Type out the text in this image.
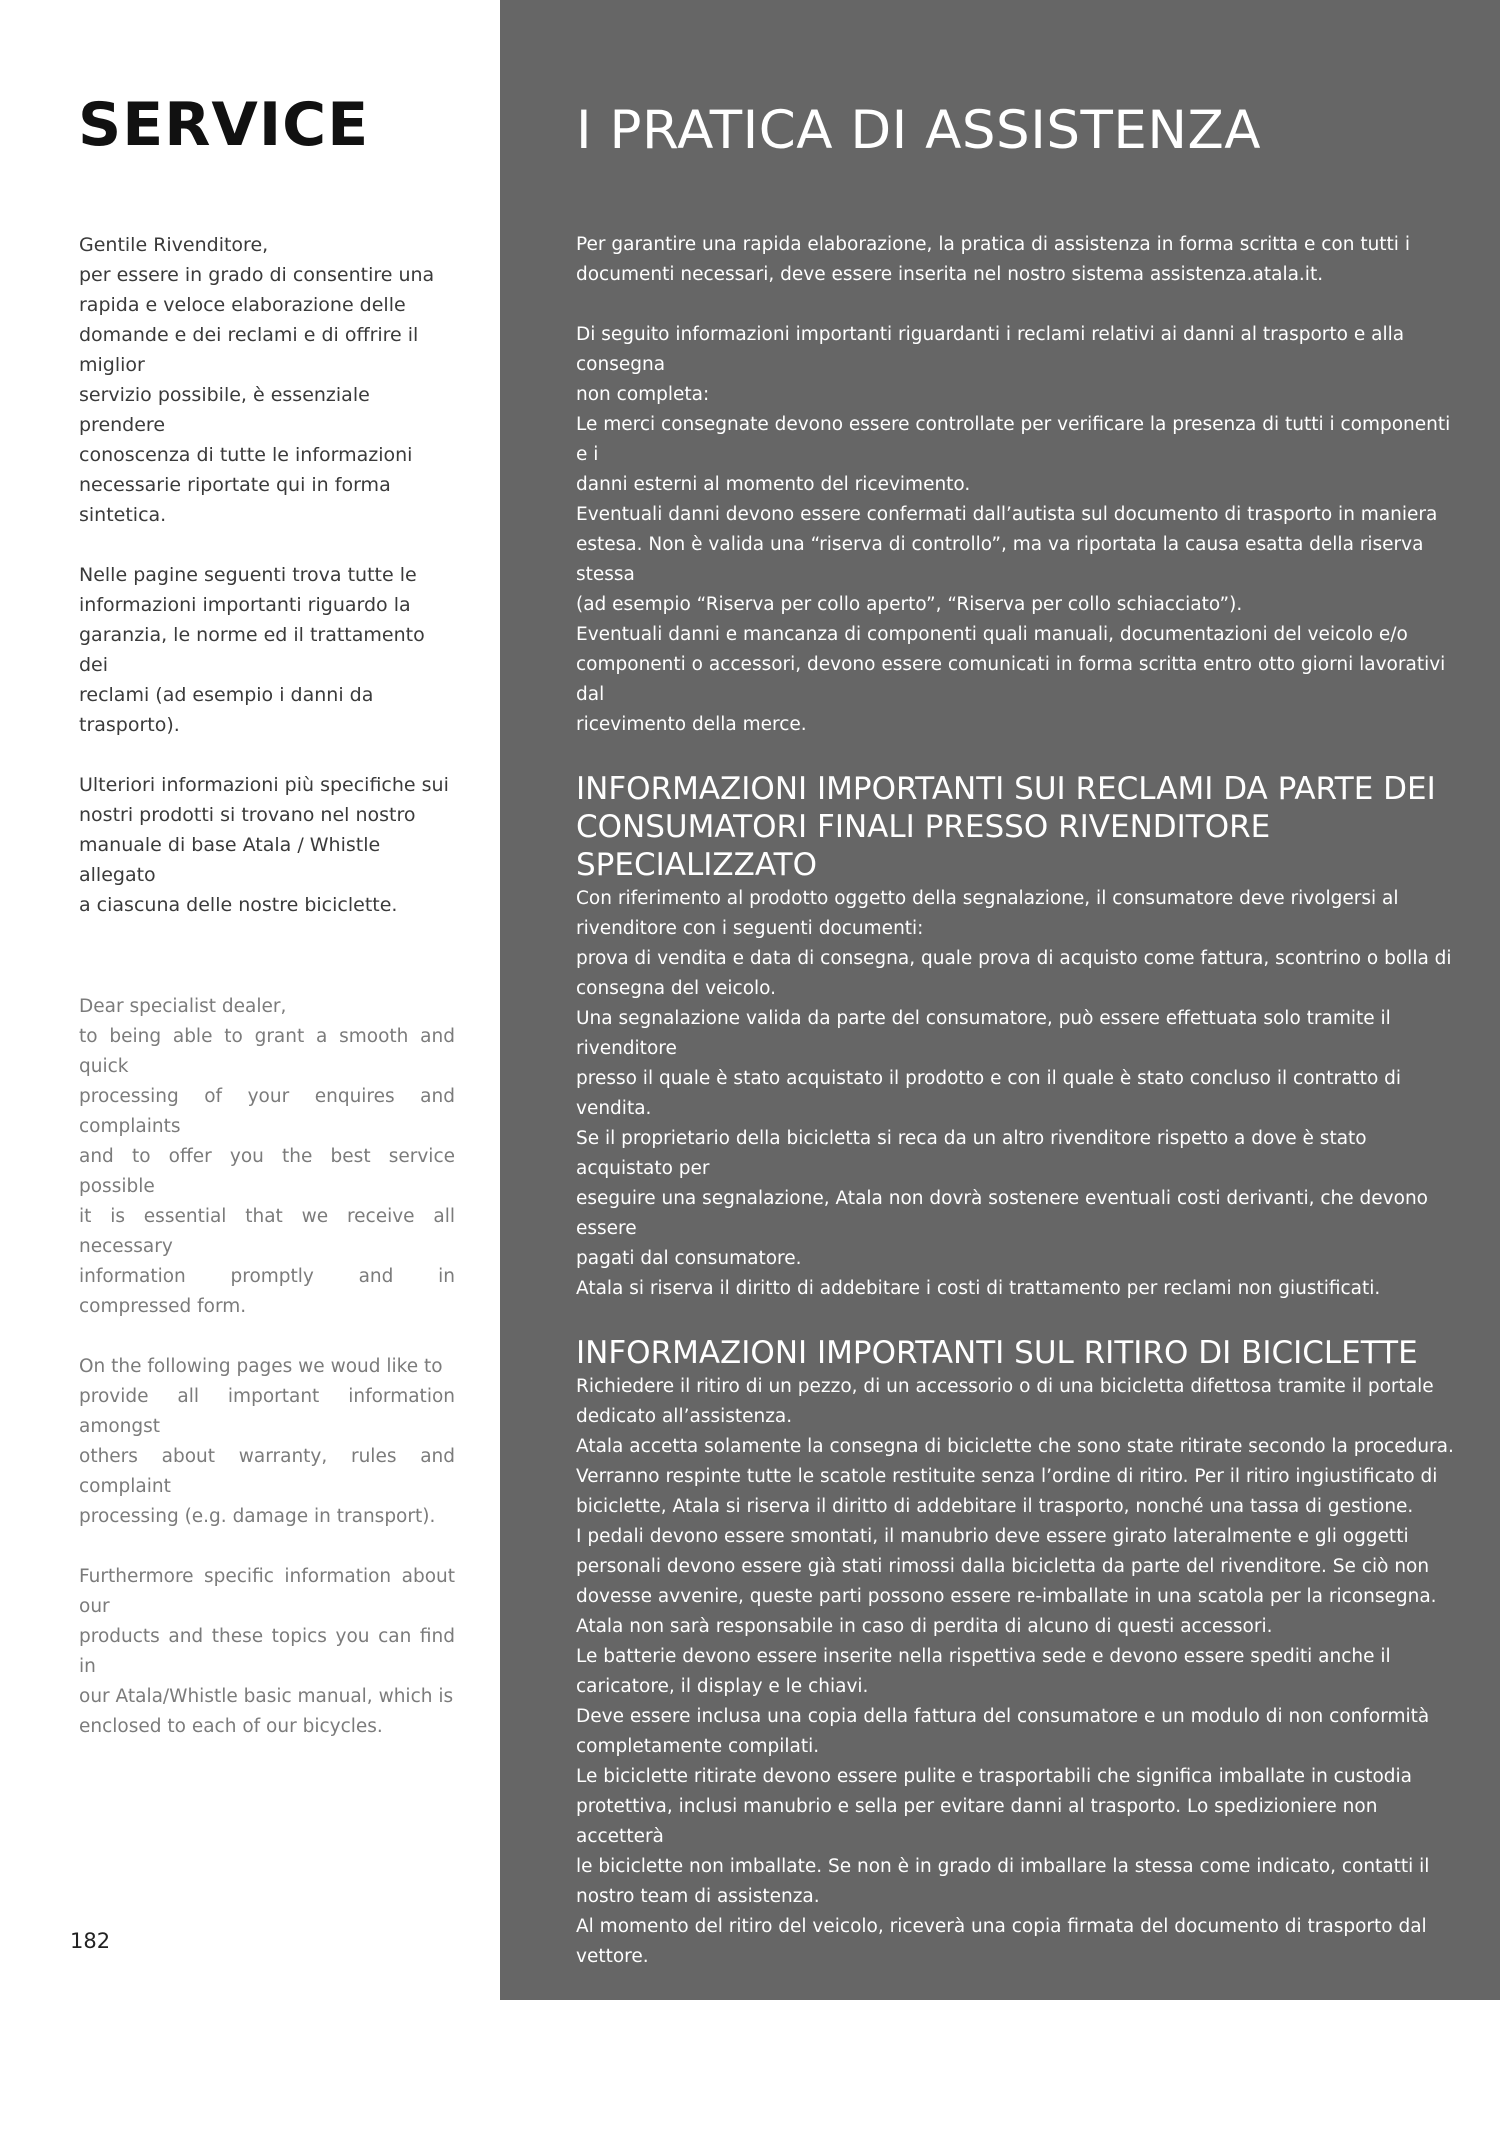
SERVICE

Gentile Rivenditore,
per essere in grado di consentire una
rapida e veloce elaborazione delle
domande e dei reclami e di offrire il miglior
servizio possibile, è essenziale prendere
conoscenza di tutte le informazioni
necessarie riportate qui in forma sintetica.

Nelle pagine seguenti trova tutte le
informazioni importanti riguardo la
garanzia, le norme ed il trattamento dei
reclami (ad esempio i danni da trasporto).

Ulteriori informazioni più specifiche sui
nostri prodotti si trovano nel nostro
manuale di base Atala / Whistle allegato
a ciascuna delle nostre biciclette.

Dear specialist dealer,
to being able to grant a smooth and quick
processing of your enquires and complaints
and to offer you the best service possible
it is essential that we receive all necessary
information promptly and in compressed form.

On the following pages we woud like to
provide all important information amongst
others about warranty, rules and complaint
processing (e.g. damage in transport).

Furthermore specific information about our
products and these topics you can find in
our Atala/Whistle basic manual, which is
enclosed to each of our bicycles.

182
I PRATICA DI ASSISTENZA

Per garantire una rapida elaborazione, la pratica di assistenza in forma scritta e con tutti i
documenti necessari, deve essere inserita nel nostro sistema assistenza.atala.it.

Di seguito informazioni importanti riguardanti i reclami relativi ai danni al trasporto e alla consegna
non completa:
Le merci consegnate devono essere controllate per verificare la presenza di tutti i componenti e i
danni esterni al momento del ricevimento.
Eventuali danni devono essere confermati dall’autista sul documento di trasporto in maniera
estesa. Non è valida una “riserva di controllo”, ma va riportata la causa esatta della riserva stessa
(ad esempio “Riserva per collo aperto”, “Riserva per collo schiacciato”).
Eventuali danni e mancanza di componenti quali manuali, documentazioni del veicolo e/o
componenti o accessori, devono essere comunicati in forma scritta entro otto giorni lavorativi dal
ricevimento della merce.

INFORMAZIONI IMPORTANTI SUI RECLAMI DA PARTE DEI
CONSUMATORI FINALI PRESSO RIVENDITORE
SPECIALIZZATO

Con riferimento al prodotto oggetto della segnalazione, il consumatore deve rivolgersi al
rivenditore con i seguenti documenti:
prova di vendita e data di consegna, quale prova di acquisto come fattura, scontrino o bolla di
consegna del veicolo.
Una segnalazione valida da parte del consumatore, può essere effettuata solo tramite il rivenditore
presso il quale è stato acquistato il prodotto e con il quale è stato concluso il contratto di vendita.
Se il proprietario della bicicletta si reca da un altro rivenditore rispetto a dove è stato acquistato per
eseguire una segnalazione, Atala non dovrà sostenere eventuali costi derivanti, che devono essere
pagati dal consumatore.
Atala si riserva il diritto di addebitare i costi di trattamento per reclami non giustificati.

INFORMAZIONI IMPORTANTI SUL RITIRO DI BICICLETTE

Richiedere il ritiro di un pezzo, di un accessorio o di una bicicletta difettosa tramite il portale
dedicato all’assistenza.
Atala accetta solamente la consegna di biciclette che sono state ritirate secondo la procedura.
Verranno respinte tutte le scatole restituite senza l’ordine di ritiro. Per il ritiro ingiustificato di
biciclette, Atala si riserva il diritto di addebitare il trasporto, nonché una tassa di gestione.
I pedali devono essere smontati, il manubrio deve essere girato lateralmente e gli oggetti
personali devono essere già stati rimossi dalla bicicletta da parte del rivenditore. Se ciò non
dovesse avvenire, queste parti possono essere re-imballate in una scatola per la riconsegna.
Atala non sarà responsabile in caso di perdita di alcuno di questi accessori.
Le batterie devono essere inserite nella rispettiva sede e devono essere spediti anche il
caricatore, il display e le chiavi.
Deve essere inclusa una copia della fattura del consumatore e un modulo di non conformità
completamente compilati.
Le biciclette ritirate devono essere pulite e trasportabili che significa imballate in custodia
protettiva, inclusi manubrio e sella per evitare danni al trasporto. Lo spedizioniere non accetterà
le biciclette non imballate. Se non è in grado di imballare la stessa come indicato, contatti il
nostro team di assistenza.
Al momento del ritiro del veicolo, riceverà una copia firmata del documento di trasporto dal vettore.

Non accettiamo le seguenti ragioni per il ritiro:
- ordine non corretto
- regolazione del cambio o del freno
- centraggio della ruota
